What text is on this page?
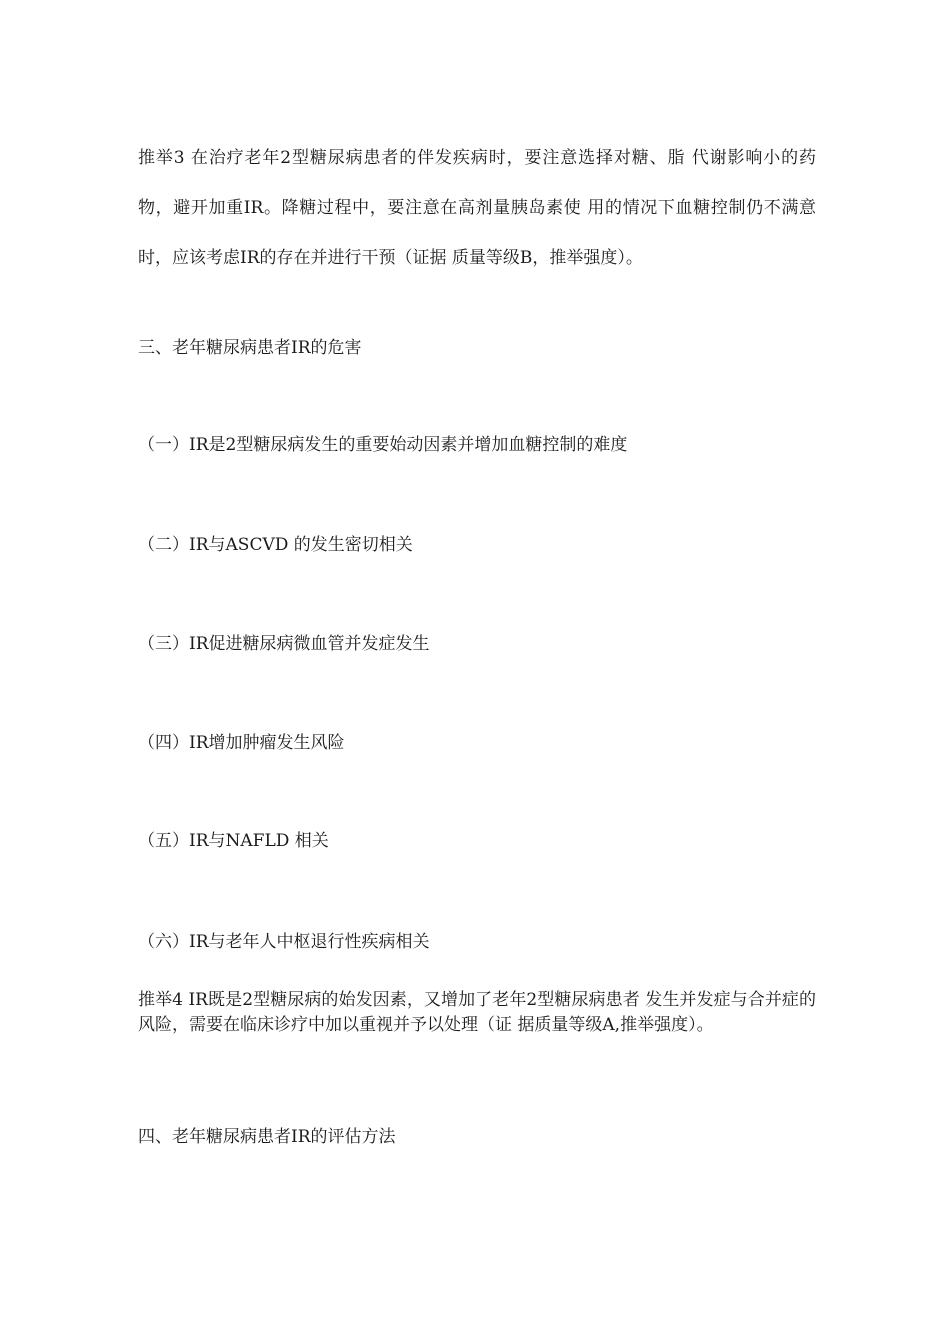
推举3 在治疗老年2型糖尿病患者的伴发疾病时，要注意选择对糖、脂 代谢影响小的药物，避开加重IR。降糖过程中，要注意在高剂量胰岛素使 用的情况下血糖控制仍不满意时，应该考虑IR的存在并进行干预（证据 质量等级B，推举强度）。

三、老年糖尿病患者IR的危害
（一）IR是2型糖尿病发生的重要始动因素并增加血糖控制的难度
（二）IR与ASCVD 的发生密切相关
（三）IR促进糖尿病微血管并发症发生
（四）IR增加肿瘤发生风险
（五）IR与NAFLD 相关
（六）IR与老年人中枢退行性疾病相关

推举4 IR既是2型糖尿病的始发因素，又增加了老年2型糖尿病患者 发生并发症与合并症的风险，需要在临床诊疗中加以重视并予以处理（证 据质量等级A,推举强度）。

四、老年糖尿病患者IR的评估方法
